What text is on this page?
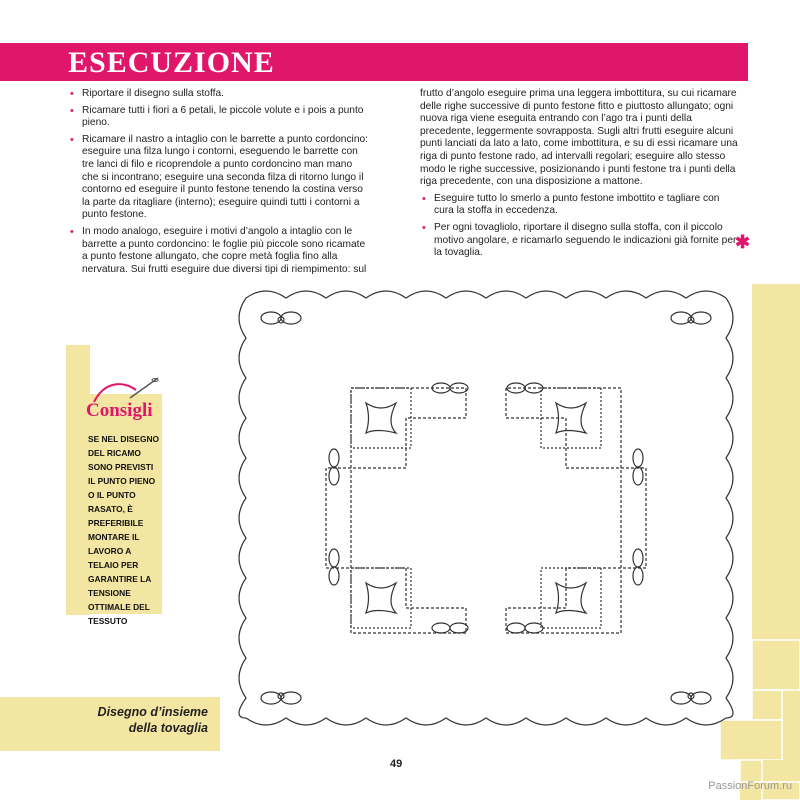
ESECUZIONE
• Riportare il disegno sulla stoffa.
• Ricamare tutti i fiori a 6 petali, le piccole volute e i pois a punto pieno.
• Ricamare il nastro a intaglio con le barrette a punto cordoncino: eseguire una filza lungo i contorni, eseguendo le barrette con tre lanci di filo e ricoprendole a punto cordoncino man mano che si incontrano; eseguire una seconda filza di ritorno lungo il contorno ed eseguire il punto festone tenendo la costina verso la parte da ritagliare (interno); eseguire quindi tutti i contorni a punto festone.
• In modo analogo, eseguire i motivi d’angolo a intaglio con le barrette a punto cordoncino: le foglie più piccole sono ricamate a punto festone allungato, che copre metà foglia fino alla nervatura. Sui frutti eseguire due diversi tipi di riempimento: sul

frutto d’angolo eseguire prima una leggera imbottitura, su cui ricamare delle righe successive di punto festone fitto e piuttosto allungato; ogni nuova riga viene eseguita entrando con l’ago tra i punti della precedente, leggermente sovrapposta. Sugli altri frutti eseguire alcuni punti lanciati da lato a lato, come imbottitura, e su di essi ricamare una riga di punto festone rado, ad intervalli regolari; eseguire allo stesso modo le righe successive, posizionando i punti festone tra i punti della riga precedente, con una disposizione a mattone.

• Eseguire tutto lo smerlo a punto festone imbottito e tagliare con cura la stoffa in eccedenza.
• Per ogni tovagliolo, riportare il disegno sulla stoffa, con il piccolo motivo angolare, e ricamarlo seguendo le indicazioni già fornite per la tovaglia.
✱
Consigli
SE NEL DISEGNO DEL RICAMO SONO PREVISTI IL PUNTO PIENO O IL PUNTO RASATO, È PREFERIBILE MONTARE IL LAVORO A TELAIO PER GARANTIRE LA TENSIONE OTTIMALE DEL TESSUTO
Disegno d’insieme
della tovaglia
49
PassionForum.ru
